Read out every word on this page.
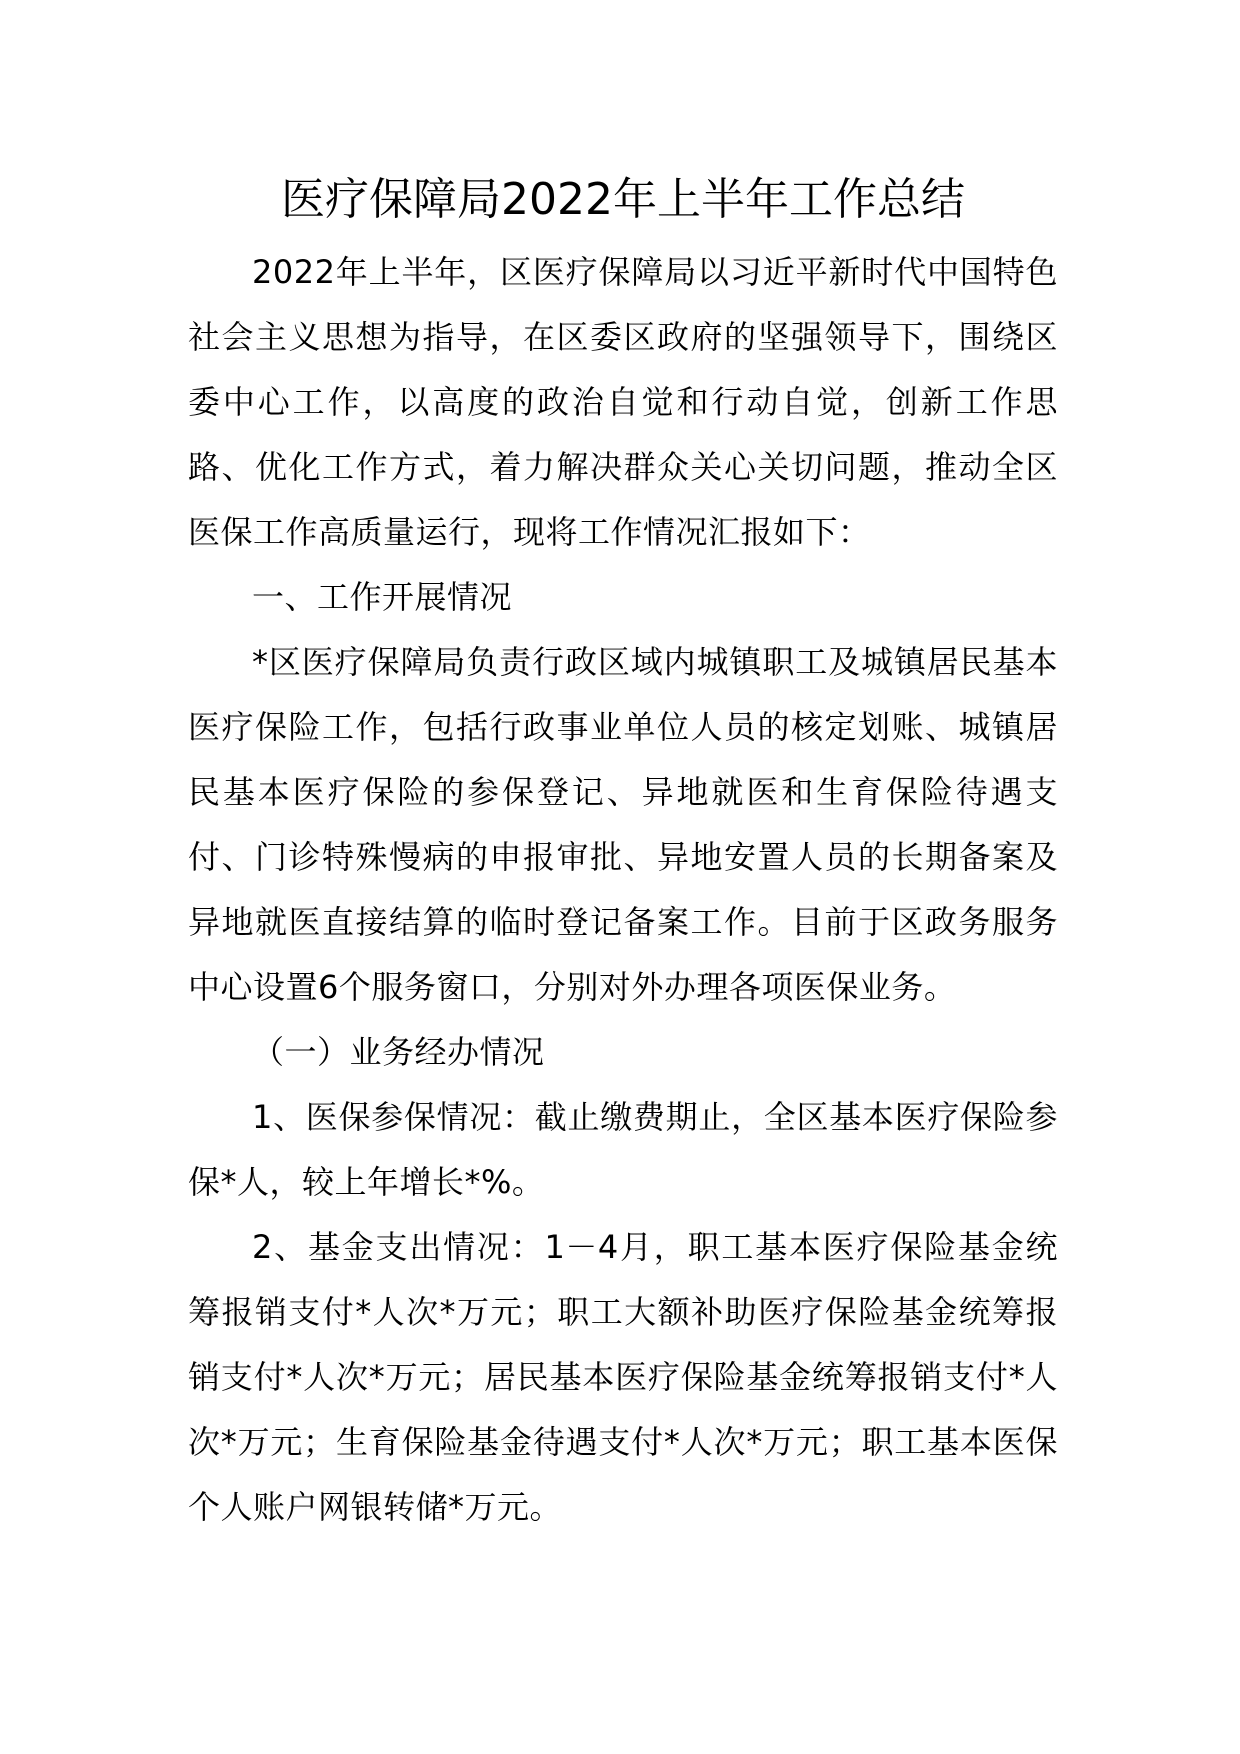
医疗保障局2022年上半年工作总结

2022年上半年，区医疗保障局以习近平新时代中国特色社会主义思想为指导，在区委区政府的坚强领导下，围绕区委中心工作，以高度的政治自觉和行动自觉，创新工作思路、优化工作方式，着力解决群众关心关切问题，推动全区医保工作高质量运行，现将工作情况汇报如下：

一、工作开展情况

*区医疗保障局负责行政区域内城镇职工及城镇居民基本医疗保险工作，包括行政事业单位人员的核定划账、城镇居民基本医疗保险的参保登记、异地就医和生育保险待遇支付、门诊特殊慢病的申报审批、异地安置人员的长期备案及异地就医直接结算的临时登记备案工作。目前于区政务服务中心设置6个服务窗口，分别对外办理各项医保业务。

（一）业务经办情况

1、医保参保情况：截止缴费期止，全区基本医疗保险参保*人，较上年增长*%。

2、基金支出情况：1－4月，职工基本医疗保险基金统筹报销支付*人次*万元；职工大额补助医疗保险基金统筹报销支付*人次*万元；居民基本医疗保险基金统筹报销支付*人次*万元；生育保险基金待遇支付*人次*万元；职工基本医保个人账户网银转储*万元。
